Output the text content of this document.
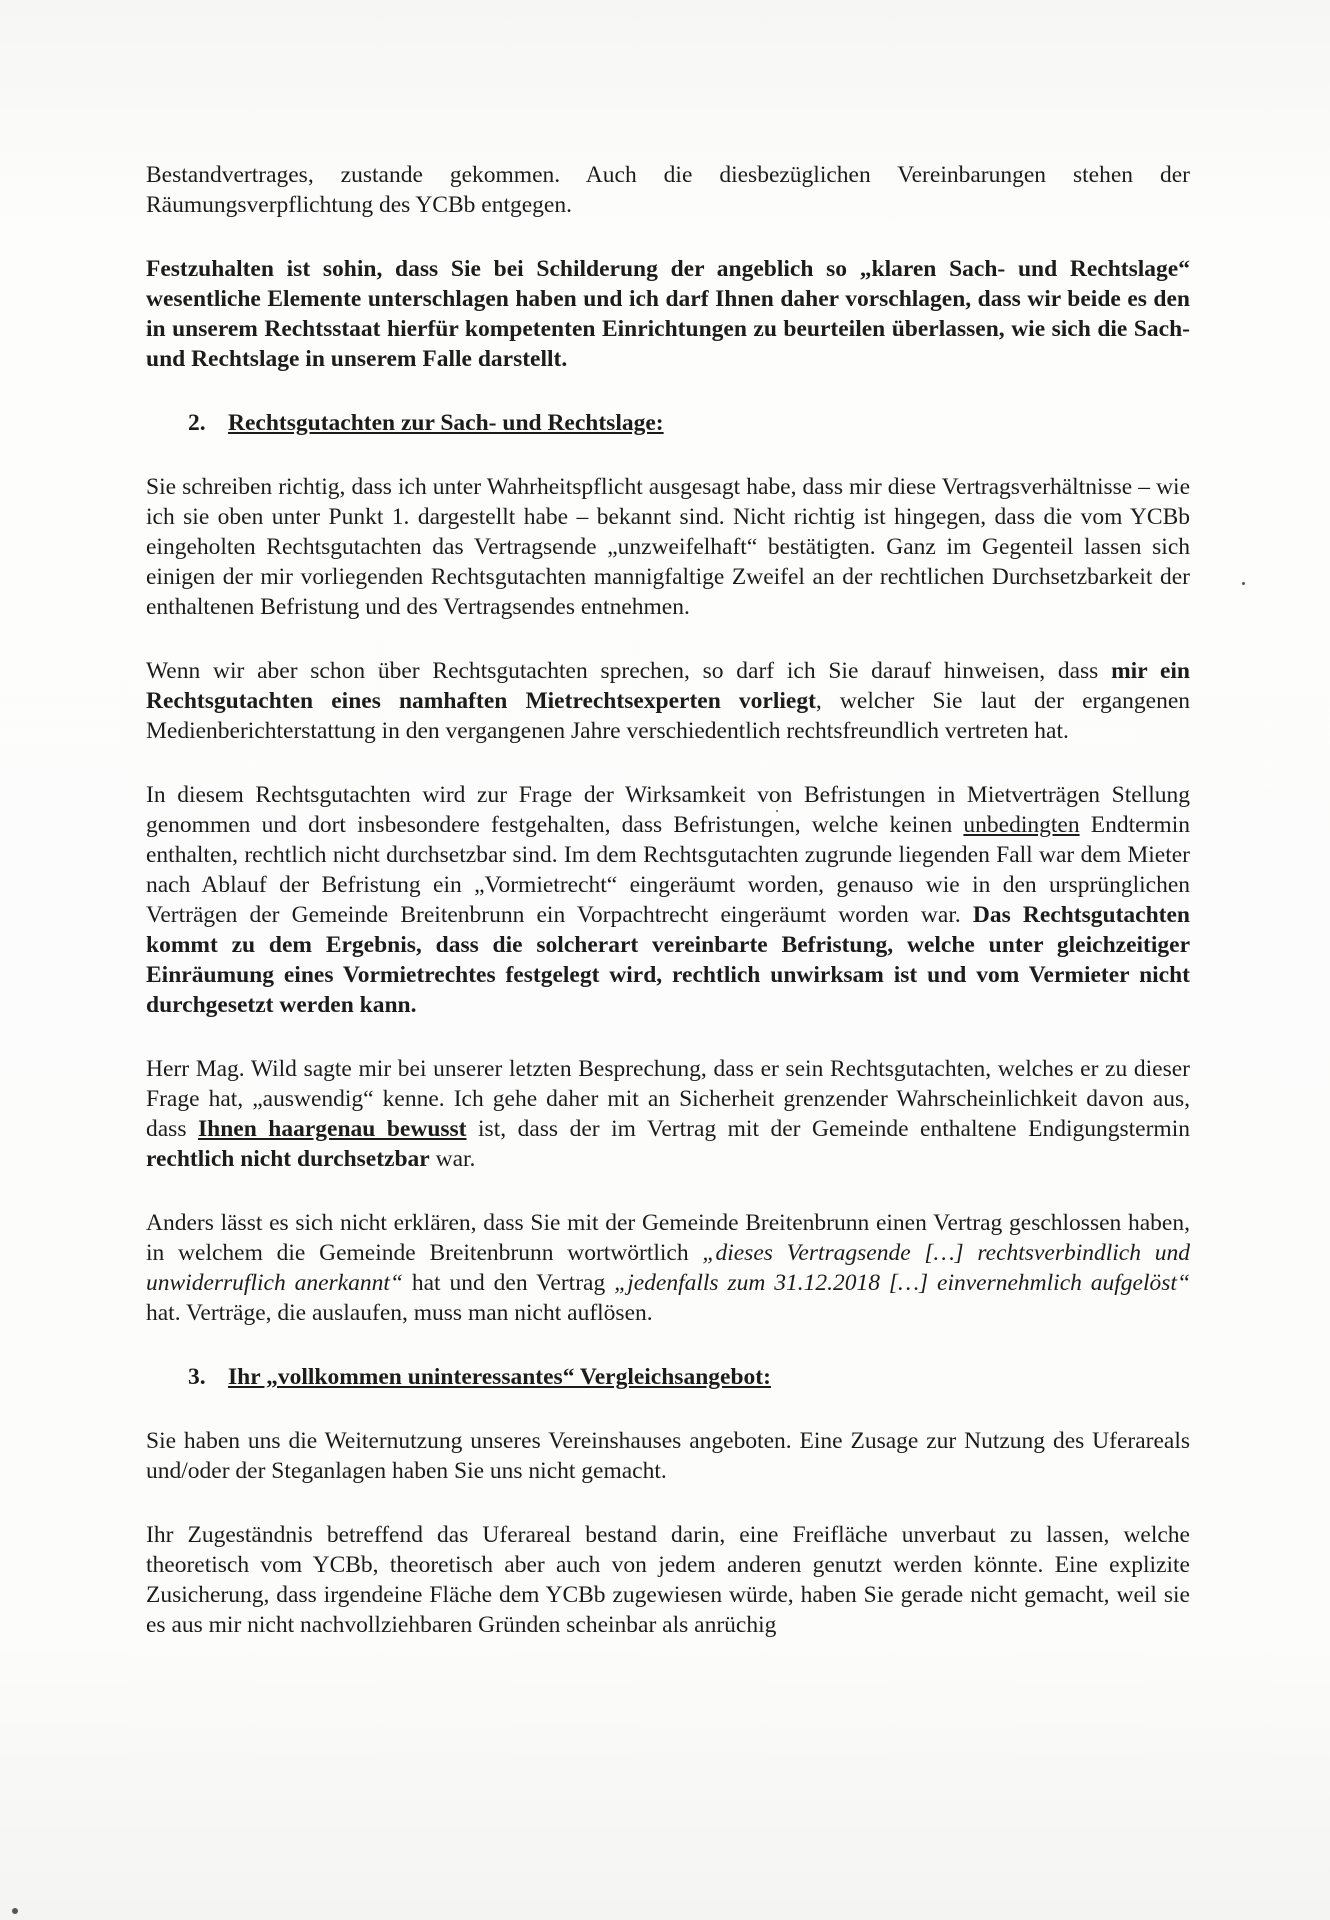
Bestandvertrages, zustande gekommen. Auch die diesbezüglichen Vereinbarungen stehen der Räumungsverpflichtung des YCBb entgegen.

Festzuhalten ist sohin, dass Sie bei Schilderung der angeblich so „klaren Sach- und Rechtslage“ wesentliche Elemente unterschlagen haben und ich darf Ihnen daher vorschlagen, dass wir beide es den in unserem Rechtsstaat hierfür kompetenten Einrichtungen zu beurteilen überlassen, wie sich die Sach- und Rechtslage in unserem Falle darstellt.

2. Rechtsgutachten zur Sach- und Rechtslage:

Sie schreiben richtig, dass ich unter Wahrheitspflicht ausgesagt habe, dass mir diese Vertragsverhältnisse – wie ich sie oben unter Punkt 1. dargestellt habe – bekannt sind. Nicht richtig ist hingegen, dass die vom YCBb eingeholten Rechtsgutachten das Vertragsende „unzweifelhaft“ bestätigten. Ganz im Gegenteil lassen sich einigen der mir vorliegenden Rechtsgutachten mannigfaltige Zweifel an der rechtlichen Durchsetzbarkeit der enthaltenen Befristung und des Vertragsendes entnehmen.

Wenn wir aber schon über Rechtsgutachten sprechen, so darf ich Sie darauf hinweisen, dass mir ein Rechtsgutachten eines namhaften Mietrechtsexperten vorliegt, welcher Sie laut der ergangenen Medienberichterstattung in den vergangenen Jahre verschiedentlich rechtsfreundlich vertreten hat.

In diesem Rechtsgutachten wird zur Frage der Wirksamkeit von Befristungen in Mietverträgen Stellung genommen und dort insbesondere festgehalten, dass Befristungen, welche keinen unbedingten Endtermin enthalten, rechtlich nicht durchsetzbar sind. Im dem Rechtsgutachten zugrunde liegenden Fall war dem Mieter nach Ablauf der Befristung ein „Vormietrecht“ eingeräumt worden, genauso wie in den ursprünglichen Verträgen der Gemeinde Breitenbrunn ein Vorpachtrecht eingeräumt worden war. Das Rechtsgutachten kommt zu dem Ergebnis, dass die solcherart vereinbarte Befristung, welche unter gleichzeitiger Einräumung eines Vormietrechtes festgelegt wird, rechtlich unwirksam ist und vom Vermieter nicht durchgesetzt werden kann.

Herr Mag. Wild sagte mir bei unserer letzten Besprechung, dass er sein Rechtsgutachten, welches er zu dieser Frage hat, „auswendig“ kenne. Ich gehe daher mit an Sicherheit grenzender Wahrscheinlichkeit davon aus, dass Ihnen haargenau bewusst ist, dass der im Vertrag mit der Gemeinde enthaltene Endigungstermin rechtlich nicht durchsetzbar war.

Anders lässt es sich nicht erklären, dass Sie mit der Gemeinde Breitenbrunn einen Vertrag geschlossen haben, in welchem die Gemeinde Breitenbrunn wortwörtlich „dieses Vertragsende […] rechtsverbindlich und unwiderruflich anerkannt“ hat und den Vertrag „jedenfalls zum 31.12.2018 […] einvernehmlich aufgelöst“ hat. Verträge, die auslaufen, muss man nicht auflösen.

3. Ihr „vollkommen uninteressantes“ Vergleichsangebot:

Sie haben uns die Weiternutzung unseres Vereinshauses angeboten. Eine Zusage zur Nutzung des Uferareals und/oder der Steganlagen haben Sie uns nicht gemacht.

Ihr Zugeständnis betreffend das Uferareal bestand darin, eine Freifläche unverbaut zu lassen, welche theoretisch vom YCBb, theoretisch aber auch von jedem anderen genutzt werden könnte. Eine explizite Zusicherung, dass irgendeine Fläche dem YCBb zugewiesen würde, haben Sie gerade nicht gemacht, weil sie es aus mir nicht nachvollziehbaren Gründen scheinbar als anrüchig
